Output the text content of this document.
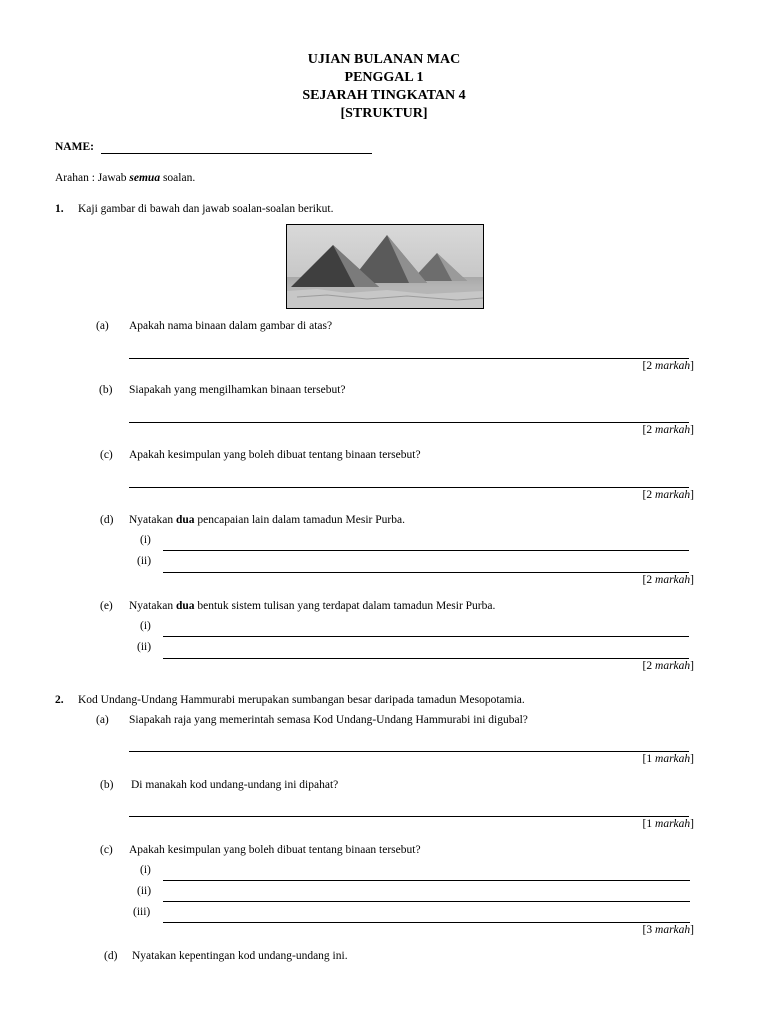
UJIAN BULANAN MAC
PENGGAL 1
SEJARAH TINGKATAN 4
[STRUKTUR]
NAME:
Arahan : Jawab semua soalan.
1. Kaji gambar di bawah dan jawab soalan-soalan berikut.
(a) Apakah nama binaan dalam gambar di atas?
[2 markah]
(b) Siapakah yang mengilhamkan binaan tersebut?
[2 markah]
(c) Apakah kesimpulan yang boleh dibuat tentang binaan tersebut?
[2 markah]
(d) Nyatakan dua pencapaian lain dalam tamadun Mesir Purba.
(i)
(ii)
[2 markah]
(e) Nyatakan dua bentuk sistem tulisan yang terdapat dalam tamadun Mesir Purba.
(i)
(ii)
[2 markah]
2. Kod Undang-Undang Hammurabi merupakan sumbangan besar daripada tamadun Mesopotamia.
(a) Siapakah raja yang memerintah semasa Kod Undang-Undang Hammurabi ini digubal?
[1 markah]
(b) Di manakah kod undang-undang ini dipahat?
[1 markah]
(c) Apakah kesimpulan yang boleh dibuat tentang binaan tersebut?
(i)
(ii)
(iii)
[3 markah]
(d) Nyatakan kepentingan kod undang-undang ini.
